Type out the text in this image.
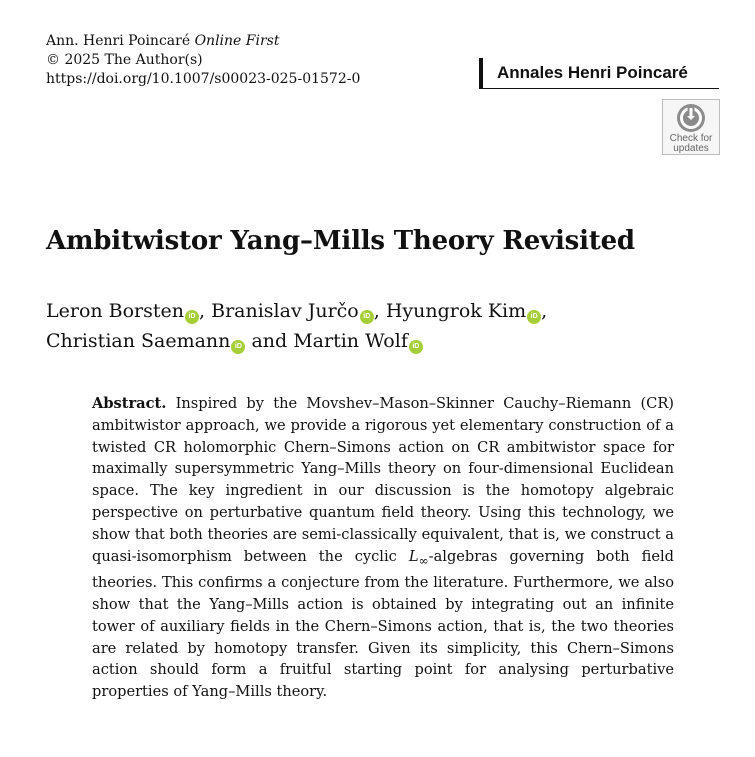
Ann. Henri Poincaré Online First
© 2025 The Author(s)
https://doi.org/10.1007/s00023-025-01572-0	Annales Henri Poincaré
Check for
updates
Ambitwistor Yang–Mills Theory Revisited
Leron Borsten iD , Branislav Jurčo iD , Hyungrok Kim iD ,
Christian Saemann iD and Martin Wolf iD

Abstract. Inspired by the Movshev–Mason–Skinner Cauchy–Riemann (CR) ambitwistor approach, we provide a rigorous yet elementary construction of a twisted CR holomorphic Chern–Simons action on CR ambitwistor space for maximally supersymmetric Yang–Mills theory on four-dimensional Euclidean space. The key ingredient in our discussion is the homotopy algebraic perspective on perturbative quantum field theory. Using this technology, we show that both theories are semi-classically equivalent, that is, we construct a quasi-isomorphism between the cyclic $L_\infty$-algebras governing both field theories. This confirms a conjecture from the literature. Furthermore, we also show that the Yang–Mills action is obtained by integrating out an infinite tower of auxiliary fields in the Chern–Simons action, that is, the two theories are related by homotopy transfer. Given its simplicity, this Chern–Simons action should form a fruitful starting point for analysing perturbative properties of Yang–Mills theory.
